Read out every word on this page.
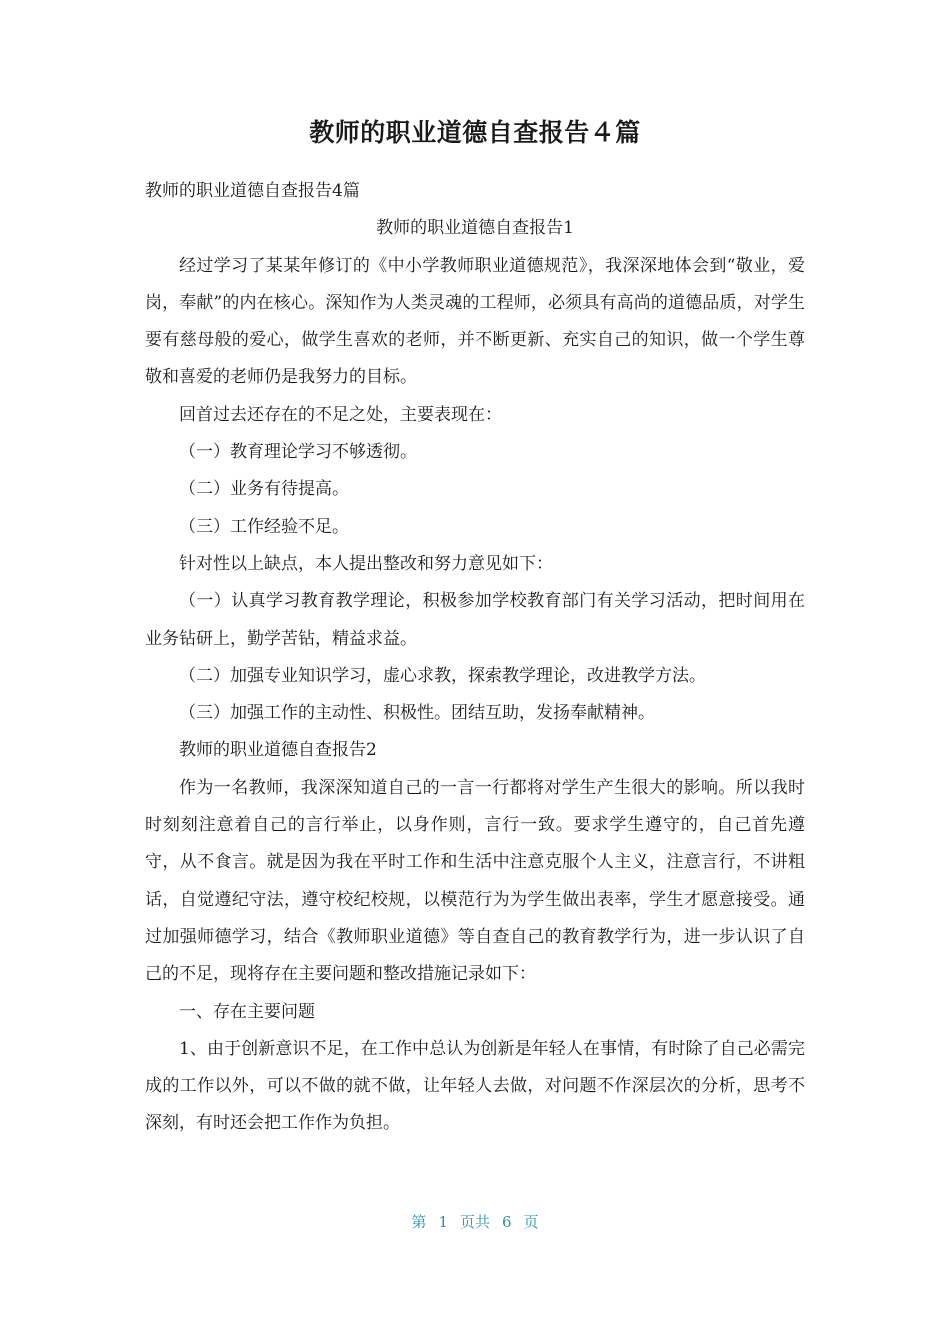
教师的职业道德自查报告４篇

教师的职业道德自查报告4篇

教师的职业道德自查报告1

经过学习了某某年修订的《中小学教师职业道德规范》，我深深地体会到“敬业，爱岗，奉献”的内在核心。深知作为人类灵魂的工程师，必须具有高尚的道德品质，对学生要有慈母般的爱心，做学生喜欢的老师，并不断更新、充实自己的知识，做一个学生尊敬和喜爱的老师仍是我努力的目标。

回首过去还存在的不足之处，主要表现在：

（一）教育理论学习不够透彻。

（二）业务有待提高。

（三）工作经验不足。

针对性以上缺点，本人提出整改和努力意见如下：

（一）认真学习教育教学理论，积极参加学校教育部门有关学习活动，把时间用在业务钻研上，勤学苦钻，精益求益。

（二）加强专业知识学习，虚心求教，探索教学理论，改进教学方法。

（三）加强工作的主动性、积极性。团结互助，发扬奉献精神。

教师的职业道德自查报告2

作为一名教师，我深深知道自己的一言一行都将对学生产生很大的影响。所以我时时刻刻注意着自己的言行举止，以身作则，言行一致。要求学生遵守的，自己首先遵守，从不食言。就是因为我在平时工作和生活中注意克服个人主义，注意言行，不讲粗话，自觉遵纪守法，遵守校纪校规，以模范行为为学生做出表率，学生才愿意接受。通过加强师德学习，结合《教师职业道德》等自查自己的教育教学行为，进一步认识了自己的不足，现将存在主要问题和整改措施记录如下：

一、存在主要问题

1、由于创新意识不足，在工作中总认为创新是年轻人在事情，有时除了自己必需完成的工作以外，可以不做的就不做，让年轻人去做，对问题不作深层次的分析，思考不深刻，有时还会把工作作为负担。

第 1 页共 6 页
